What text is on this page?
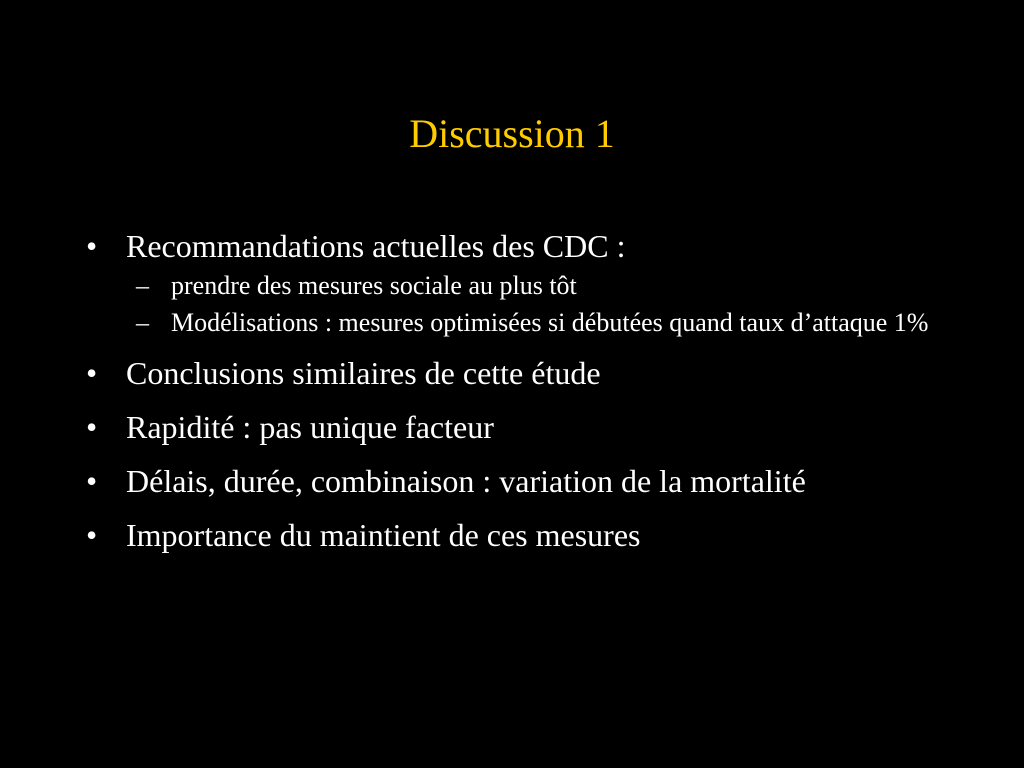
Discussion 1
• Recommandations actuelles des CDC :
– prendre des mesures sociale au plus tôt
– Modélisations : mesures optimisées si débutées quand taux d’attaque 1%
• Conclusions similaires de cette étude
• Rapidité : pas unique facteur
• Délais, durée, combinaison : variation de la mortalité
• Importance du maintient de ces mesures
